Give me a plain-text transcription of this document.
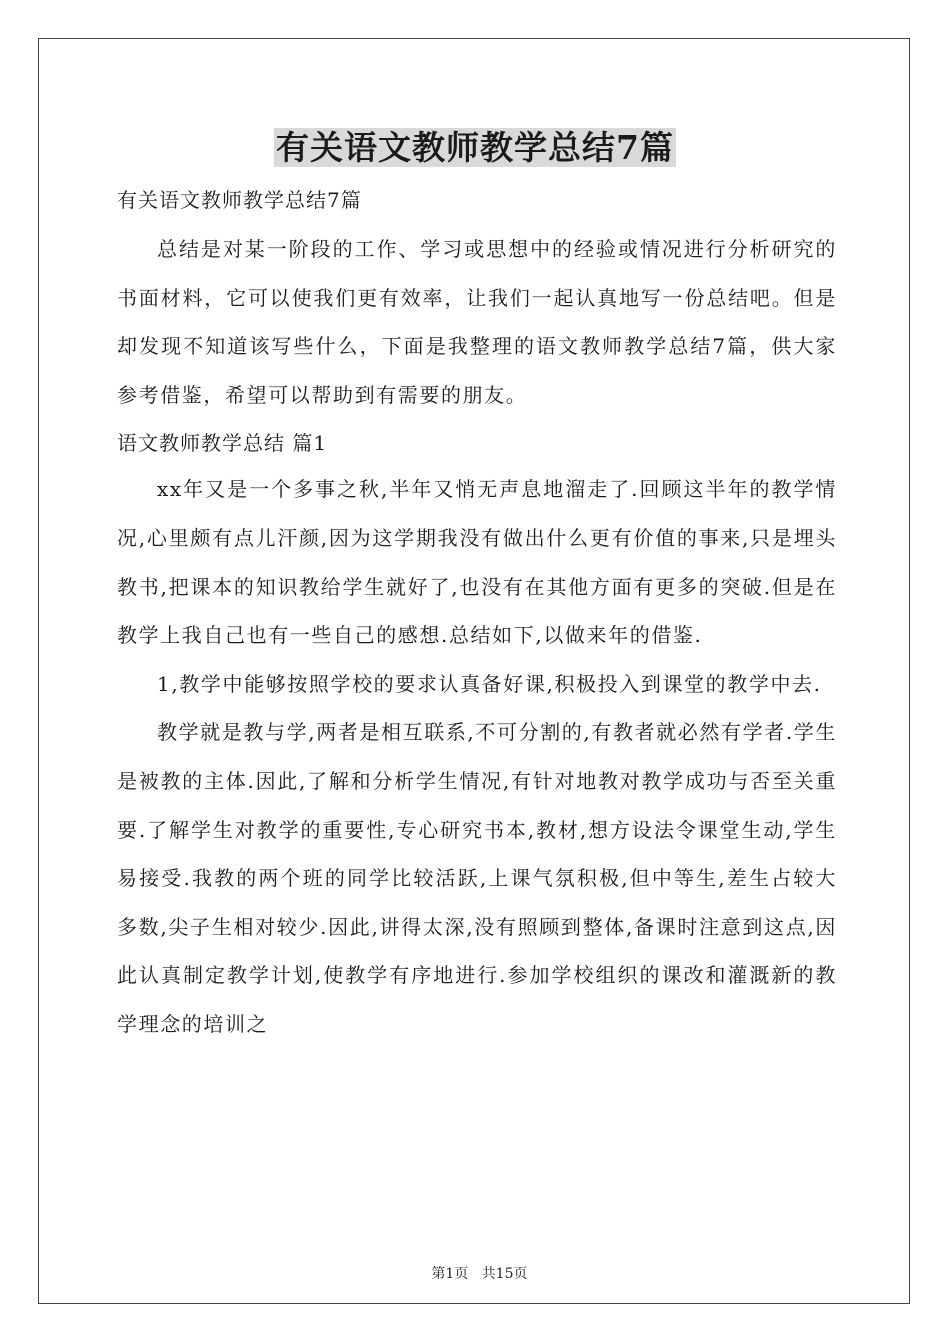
有关语文教师教学总结7篇
有关语文教师教学总结7篇

总结是对某一阶段的工作、学习或思想中的经验或情况进行分析研究的书面材料，它可以使我们更有效率，让我们一起认真地写一份总结吧。但是却发现不知道该写些什么，下面是我整理的语文教师教学总结7篇，供大家参考借鉴，希望可以帮助到有需要的朋友。

语文教师教学总结 篇1

xx年又是一个多事之秋,半年又悄无声息地溜走了.回顾这半年的教学情况,心里颇有点儿汗颜,因为这学期我没有做出什么更有价值的事来,只是埋头教书,把课本的知识教给学生就好了,也没有在其他方面有更多的突破.但是在教学上我自己也有一些自己的感想.总结如下,以做来年的借鉴.

1,教学中能够按照学校的要求认真备好课,积极投入到课堂的教学中去.

教学就是教与学,两者是相互联系,不可分割的,有教者就必然有学者.学生是被教的主体.因此,了解和分析学生情况,有针对地教对教学成功与否至关重要.了解学生对教学的重要性,专心研究书本,教材,想方设法令课堂生动,学生易接受.我教的两个班的同学比较活跃,上课气氛积极,但中等生,差生占较大多数,尖子生相对较少.因此,讲得太深,没有照顾到整体,备课时注意到这点,因此认真制定教学计划,使教学有序地进行.参加学校组织的课改和灌溉新的教学理念的培训之

第1页   共15页
